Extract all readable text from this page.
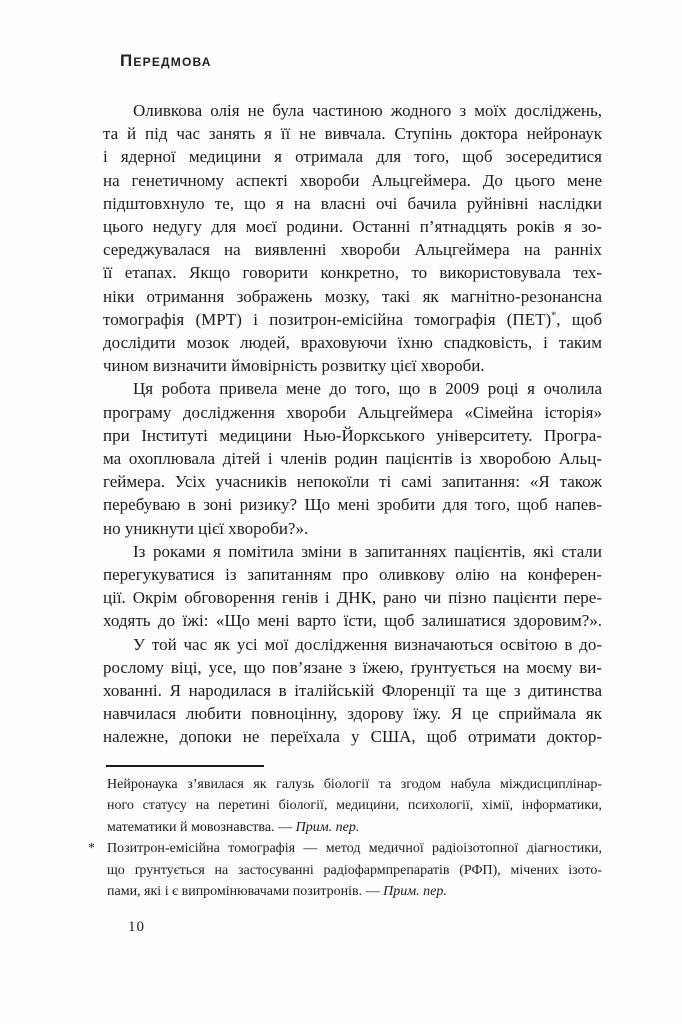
Передмова
Оливкова олія не була частиною жодного з моїх досліджень,
та й під час занять я її не вивчала. Ступінь доктора нейронаук
і ядерної медицини я отримала для того, щоб зосередитися
на генетичному аспекті хвороби Альцгеймера. До цього мене
підштовхнуло те, що я на власні очі бачила руйнівні наслідки
цього недугу для моєї родини. Останні п’ятнадцять років я зо-
середжувалася на виявленні хвороби Альцгеймера на ранніх
її етапах. Якщо говорити конкретно, то використовувала тех-
ніки отримання зображень мозку, такі як магнітно-резонансна
томографія (МРТ) і позитрон-емісійна томографія (ПЕТ)*, щоб
дослідити мозок людей, враховуючи їхню спадковість, і таким
чином визначити ймовірність розвитку цієї хвороби.
Ця робота привела мене до того, що в 2009 році я очолила
програму дослідження хвороби Альцгеймера «Сімейна історія»
при Інституті медицини Нью-Йоркського університету. Програ-
ма охоплювала дітей і членів родин пацієнтів із хворобою Альц-
геймера. Усіх учасників непокоїли ті самі запитання: «Я також
перебуваю в зоні ризику? Що мені зробити для того, щоб напев-
но уникнути цієї хвороби?».
Із роками я помітила зміни в запитаннях пацієнтів, які стали
перегукуватися із запитанням про оливкову олію на конферен-
ції. Окрім обговорення генів і ДНК, рано чи пізно пацієнти пере-
ходять до їжі: «Що мені варто їсти, щоб залишатися здоровим?».
У той час як усі мої дослідження визначаються освітою в до-
рослому віці, усе, що пов’язане з їжею, ґрунтується на моєму ви-
хованні. Я народилася в італійській Флоренції та ще з дитинства
навчилася любити повноцінну, здорову їжу. Я це сприймала як
належне, допоки не переїхала у США, щоб отримати доктор-
Нейронаука з’явилася як галузь біології та згодом набула міждисциплінар-
ного статусу на перетині біології, медицини, психології, хімії, інформатики,
математики й мовознавства. — Прим. пер.
* Позитрон-емісійна томографія — метод медичної радіоізотопної діагностики,
що ґрунтується на застосуванні радіофармпрепаратів (РФП), мічених ізото-
пами, які і є випромінювачами позитронів. — Прим. пер.
10
